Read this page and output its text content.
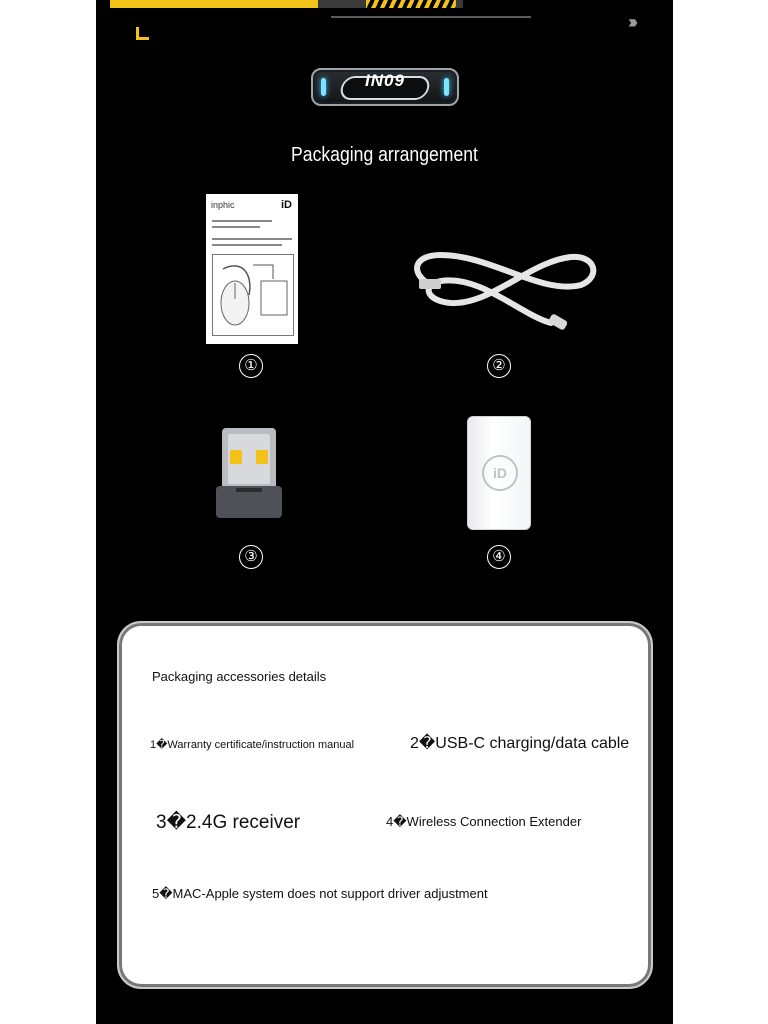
›››
IN09
Packaging arrangement
inphic	iD
①	②
③
iD
④
Packaging accessories details
1�Warranty certificate/instruction manual	2�USB-C charging/data cable
3�2.4G receiver	4�Wireless Connection Extender
5�MAC-Apple system does not support driver adjustment
